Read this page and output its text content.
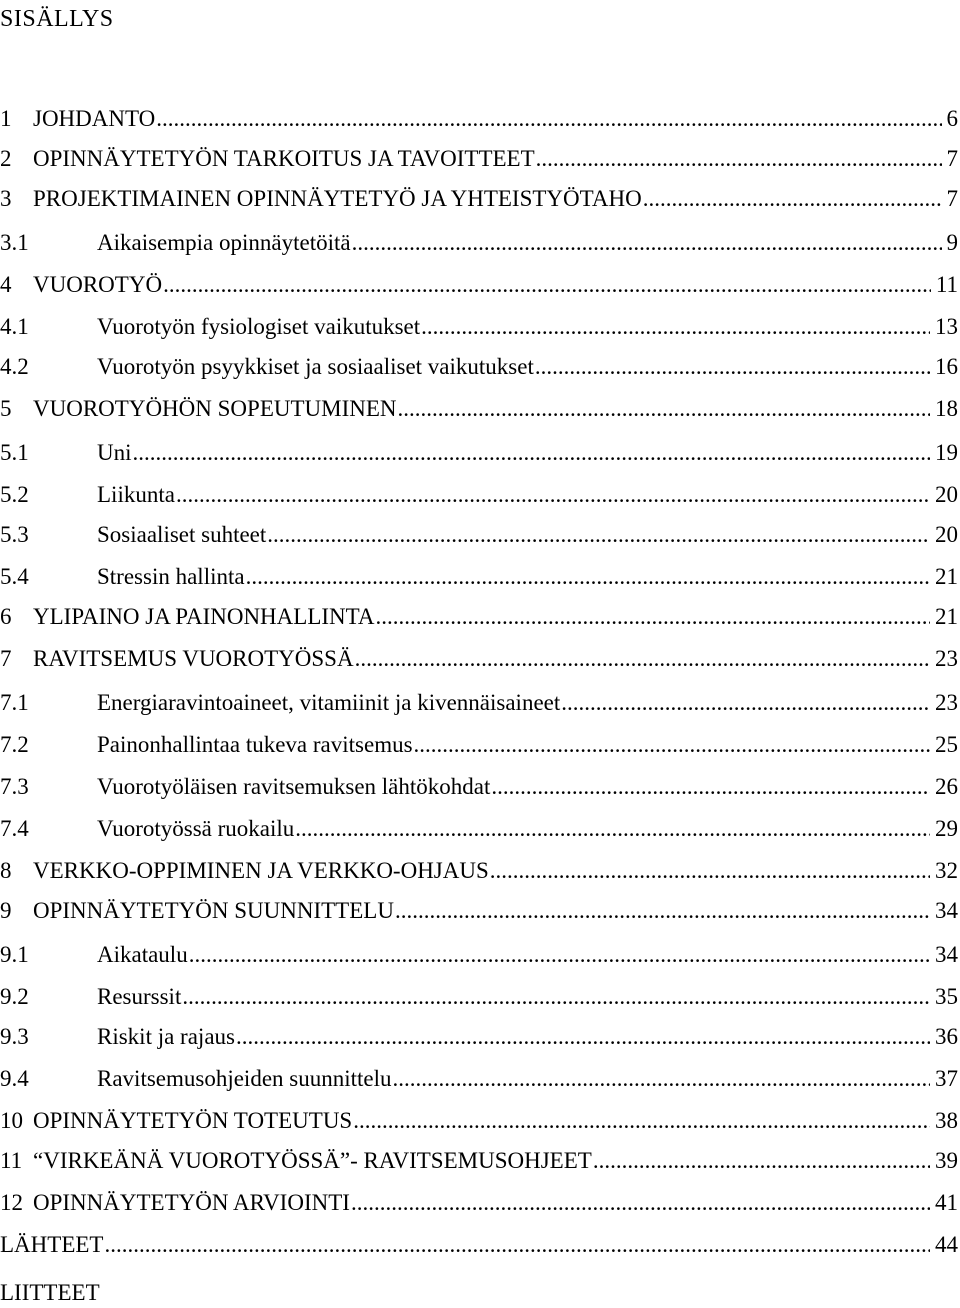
SISÄLLYS
1 JOHDANTO .....	6
2 OPINNÄYTETYÖN TARKOITUS JA TAVOITTEET .....	7
3 PROJEKTIMAINEN OPINNÄYTETYÖ JA YHTEISTYÖTAHO .....	7
3.1	Aikaisempia opinnäytetöitä .....	9
4 VUOROTYÖ .....	11
4.1	Vuorotyön fysiologiset vaikutukset .....	13
4.2	Vuorotyön psyykkiset ja sosiaaliset vaikutukset .....	16
5 VUOROTYÖHÖN SOPEUTUMINEN .....	18
5.1	Uni .....	19
5.2	Liikunta .....	20
5.3	Sosiaaliset suhteet .....	20
5.4	Stressin hallinta .....	21
6 YLIPAINO JA PAINONHALLINTA .....	21
7 RAVITSEMUS VUOROTYÖSSÄ .....	23
7.1	Energiaravintoaineet, vitamiinit ja kivennäisaineet .....	23
7.2	Painonhallintaa tukeva ravitsemus .....	25
7.3	Vuorotyöläisen ravitsemuksen lähtökohdat .....	26
7.4	Vuorotyössä ruokailu .....	29
8 VERKKO-OPPIMINEN JA VERKKO-OHJAUS .....	32
9 OPINNÄYTETYÖN SUUNNITTELU .....	34
9.1	Aikataulu .....	34
9.2	Resurssit .....	35
9.3	Riskit ja rajaus .....	36
9.4	Ravitsemusohjeiden suunnittelu .....	37
10 OPINNÄYTETYÖN TOTEUTUS .....	38
11 “VIRKEÄNÄ VUOROTYÖSSÄ”- RAVITSEMUSOHJEET .....	39
12 OPINNÄYTETYÖN ARVIOINTI .....	41
LÄHTEET .....	44
LIITTEET
